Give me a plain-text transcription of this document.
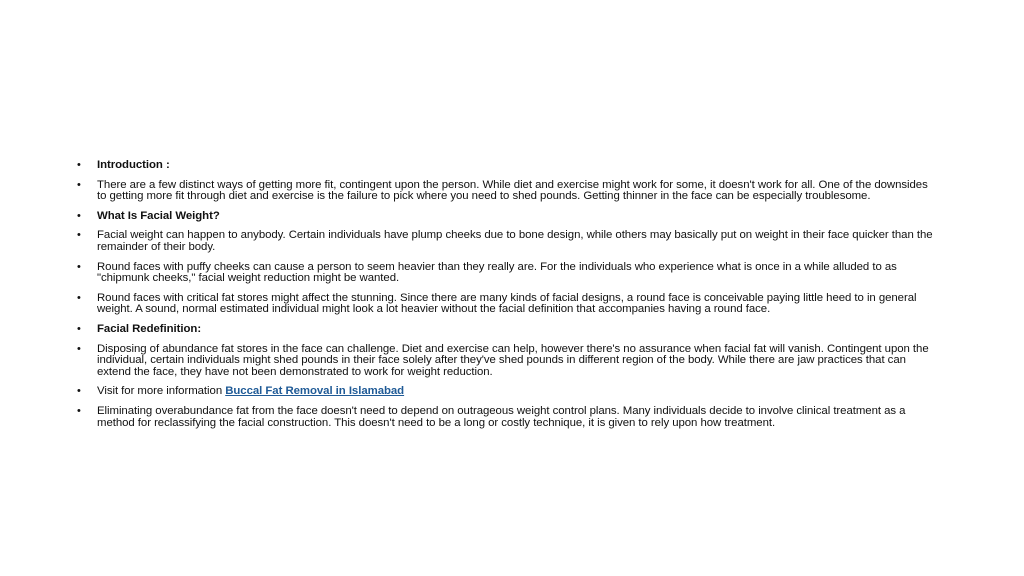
• Introduction :
• There are a few distinct ways of getting more fit, contingent upon the person. While diet and exercise might work for some, it doesn't work for all. One of the downsides to getting more fit through diet and exercise is the failure to pick where you need to shed pounds. Getting thinner in the face can be especially troublesome.
• What Is Facial Weight?
• Facial weight can happen to anybody. Certain individuals have plump cheeks due to bone design, while others may basically put on weight in their face quicker than the remainder of their body.
• Round faces with puffy cheeks can cause a person to seem heavier than they really are. For the individuals who experience what is once in a while alluded to as "chipmunk cheeks," facial weight reduction might be wanted.
• Round faces with critical fat stores might affect the stunning. Since there are many kinds of facial designs, a round face is conceivable paying little heed to in general weight. A sound, normal estimated individual might look a lot heavier without the facial definition that accompanies having a round face.
• Facial Redefinition:
• Disposing of abundance fat stores in the face can challenge. Diet and exercise can help, however there's no assurance when facial fat will vanish. Contingent upon the individual, certain individuals might shed pounds in their face solely after they've shed pounds in different region of the body. While there are jaw practices that can extend the face, they have not been demonstrated to work for weight reduction.
• Visit for more information Buccal Fat Removal in Islamabad
• Eliminating overabundance fat from the face doesn't need to depend on outrageous weight control plans. Many individuals decide to involve clinical treatment as a method for reclassifying the facial construction. This doesn't need to be a long or costly technique, it is given to rely upon how treatment.
